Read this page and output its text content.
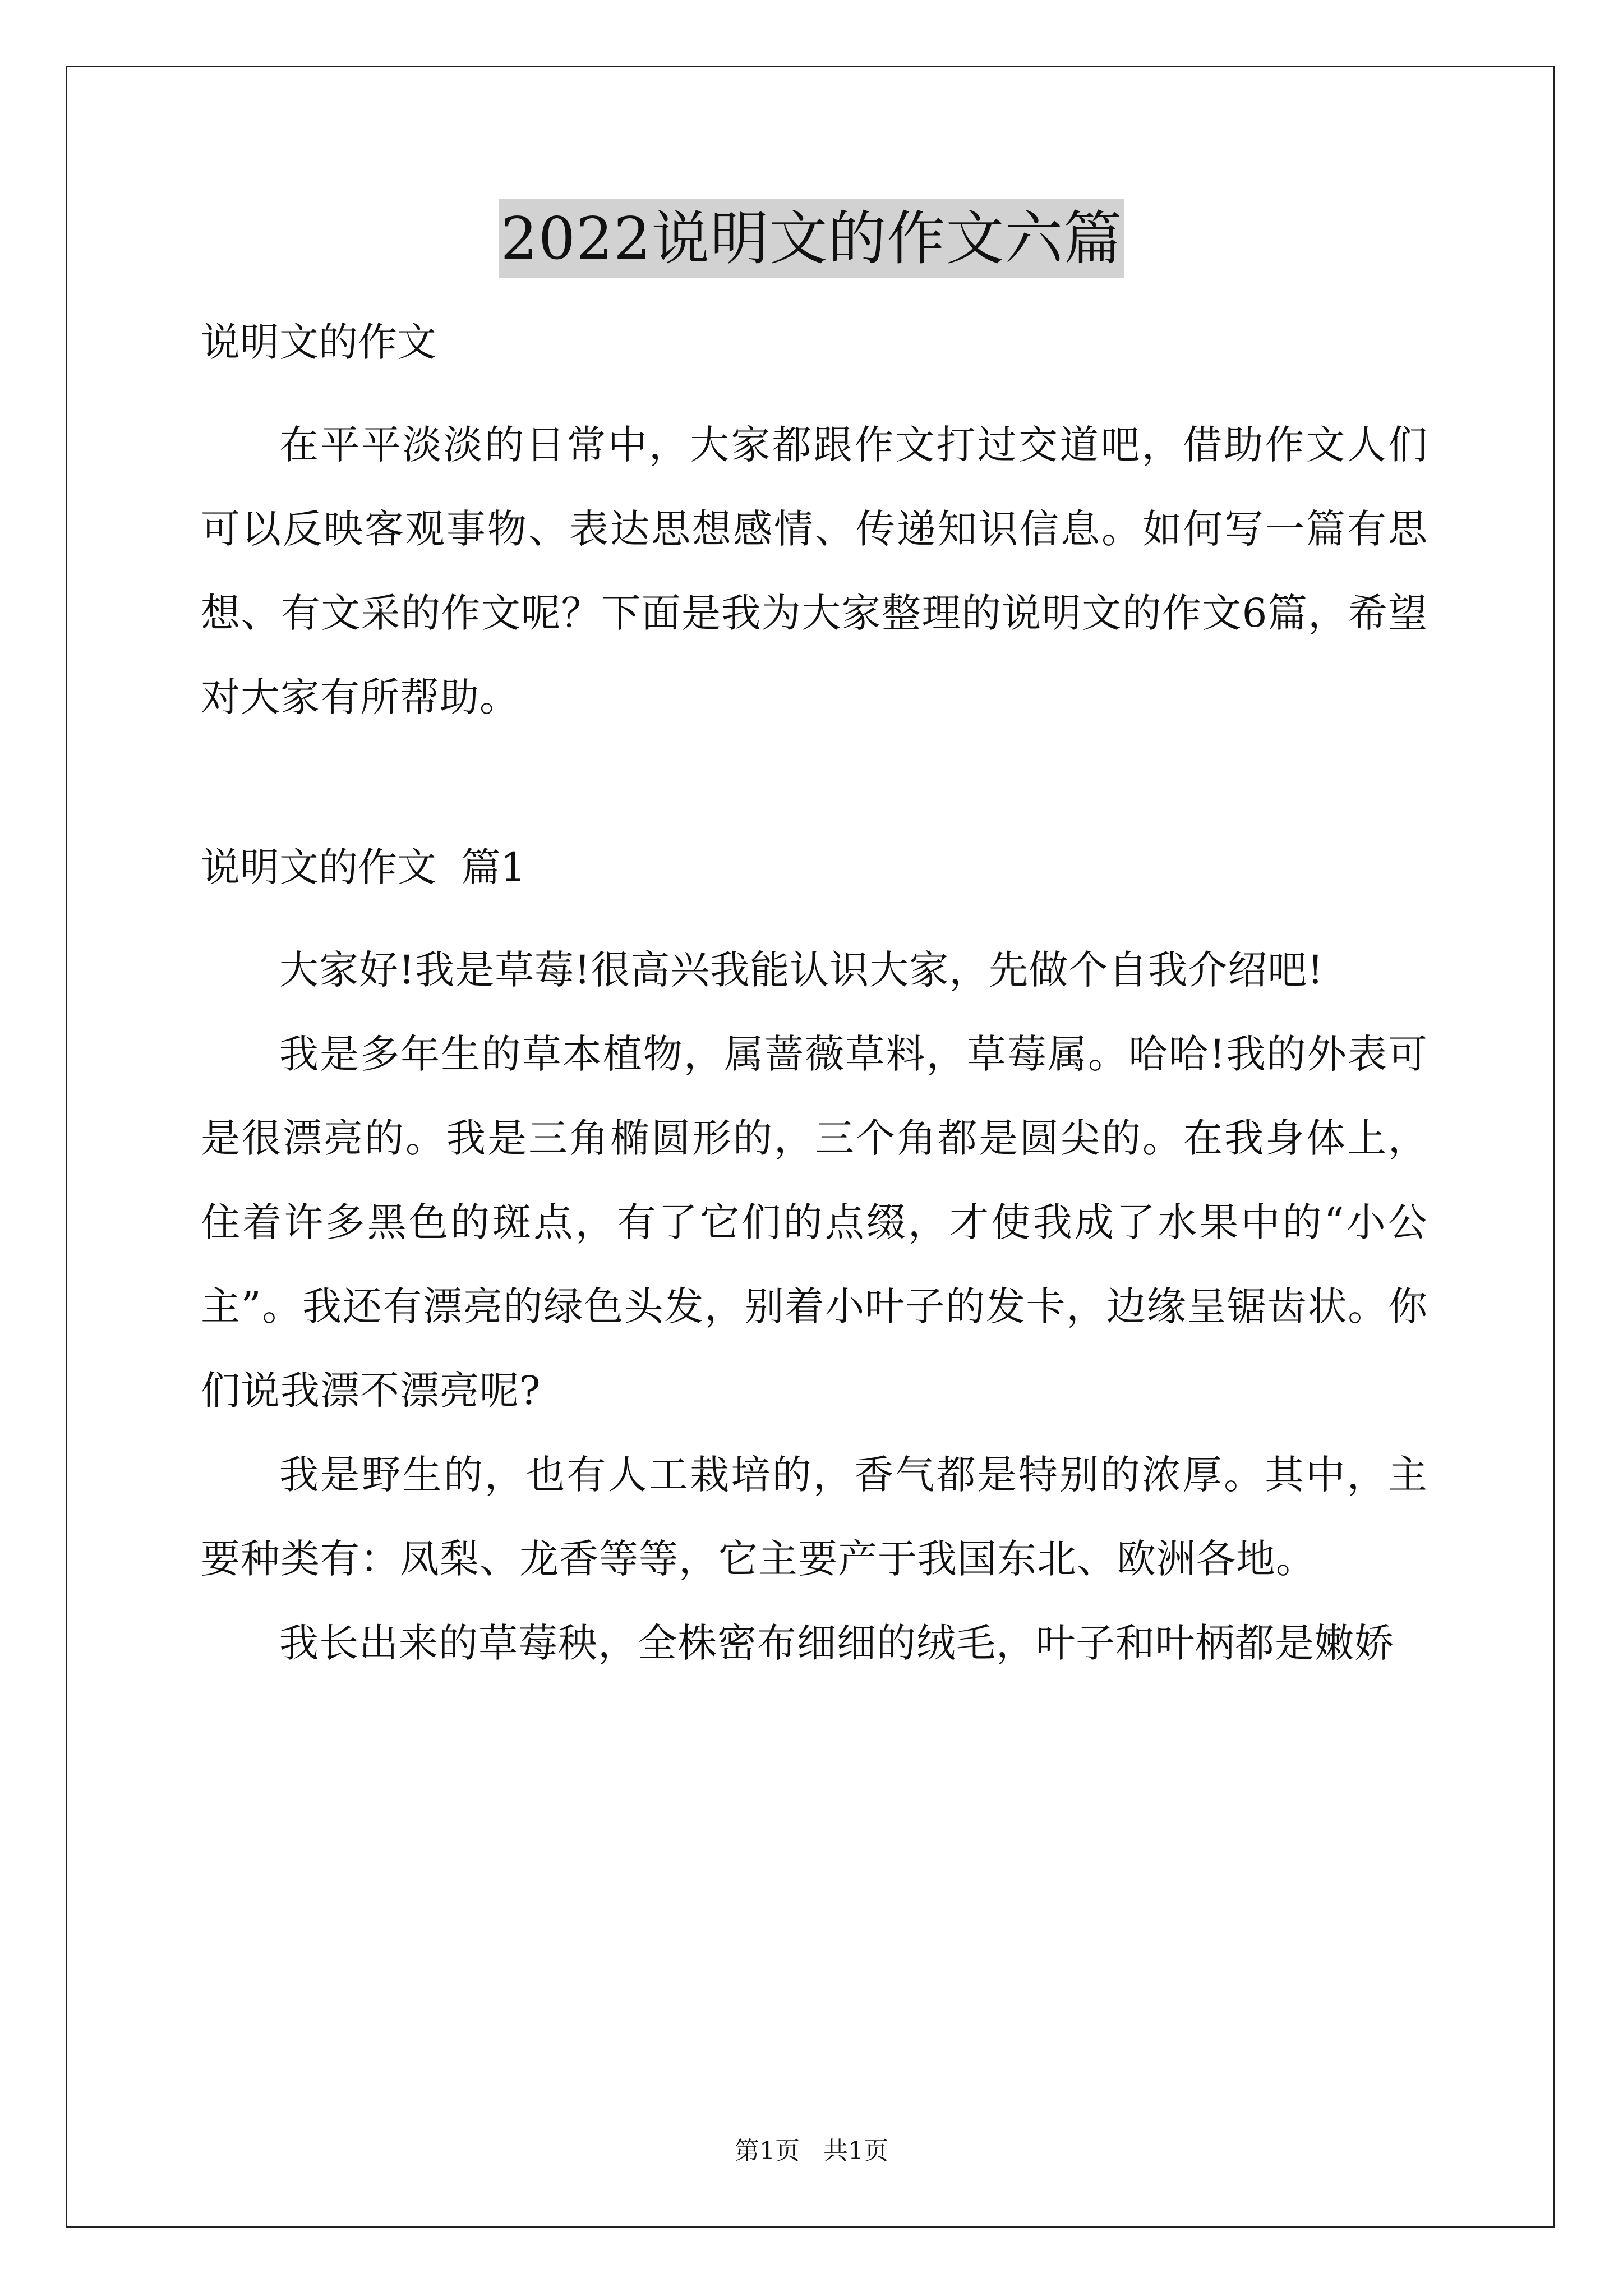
2022说明文的作文六篇

说明文的作文

在平平淡淡的日常中，大家都跟作文打过交道吧，借助作文人们可以反映客观事物、表达思想感情、传递知识信息。如何写一篇有思想、有文采的作文呢？下面是我为大家整理的说明文的作文6篇，希望对大家有所帮助。

说明文的作文  篇1

大家好!我是草莓!很高兴我能认识大家，先做个自我介绍吧!

我是多年生的草本植物，属蔷薇草料，草莓属。哈哈!我的外表可是很漂亮的。我是三角椭圆形的，三个角都是圆尖的。在我身体上，住着许多黑色的斑点，有了它们的点缀，才使我成了水果中的“小公主”。我还有漂亮的绿色头发，别着小叶子的发卡，边缘呈锯齿状。你们说我漂不漂亮呢?

我是野生的，也有人工栽培的，香气都是特别的浓厚。其中，主要种类有：凤梨、龙香等等，它主要产于我国东北、欧洲各地。

我长出来的草莓秧，全株密布细细的绒毛，叶子和叶柄都是嫩娇

第1页   共1页
